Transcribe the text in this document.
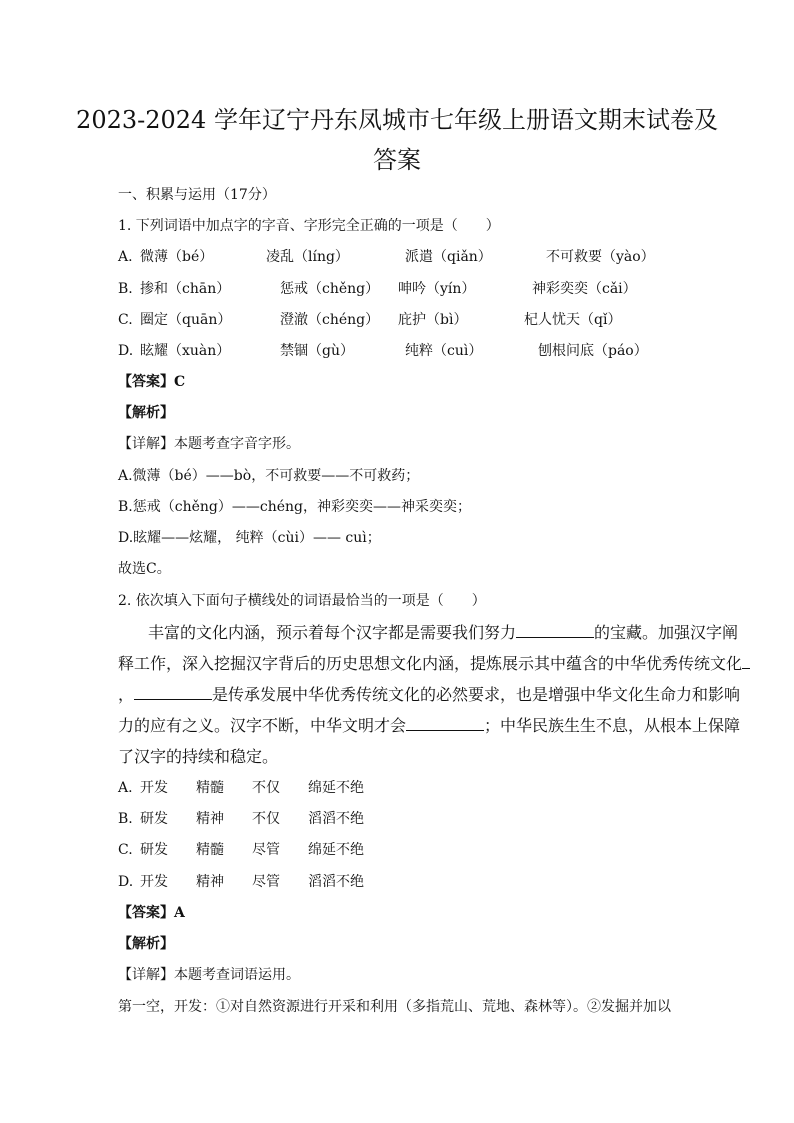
2023-2024 学年辽宁丹东凤城市七年级上册语文期末试卷及
答案
一、积累与运用（17分）
1. 下列词语中加点字的字音、字形完全正确的一项是（　　）
A. 微薄（bé）	凌乱（líng）	派遣（qiǎn）	不可救要（yào）
B. 掺和（chān）	惩戒（chěng） 呻吟（yín）	神彩奕奕（cǎi）
C. 圈定（quān）	澄澈（chéng） 庇护（bì）	杞人忧天（qǐ）
D. 眩耀（xuàn）	禁锢（gù）	纯粹（cuì）	刨根问底（páo）
【答案】C
【解析】
【详解】本题考查字音字形。
A.微薄（bé）——bò，不可救要——不可救药；
B.惩戒（chěng）——chéng，神彩奕奕——神采奕奕；
D.眩耀——炫耀， 纯粹（cùi）—— cuì；
故选C。
2. 依次填入下面句子横线处的词语最恰当的一项是（　　）

丰富的文化内涵，预示着每个汉字都是需要我们努力	的宝藏。加强汉字阐

释工作，深入挖掘汉字背后的历史思想文化内涵，提炼展示其中蕴含的中华优秀传统文化

，	是传承发展中华优秀传统文化的必然要求，也是增强中华文化生命力和影响

力的应有之义。汉字不断，中华文明才会	；中华民族生生不息，从根本上保障

了汉字的持续和稳定。

A. 开发 精髓 不仅 绵延不绝
B. 研发 精神 不仅 滔滔不绝
C. 研发 精髓 尽管 绵延不绝
D. 开发 精神 尽管 滔滔不绝
【答案】A
【解析】
【详解】本题考查词语运用。
第一空，开发：①对自然资源进行开采和利用（多指荒山、荒地、森林等）。②发掘并加以
